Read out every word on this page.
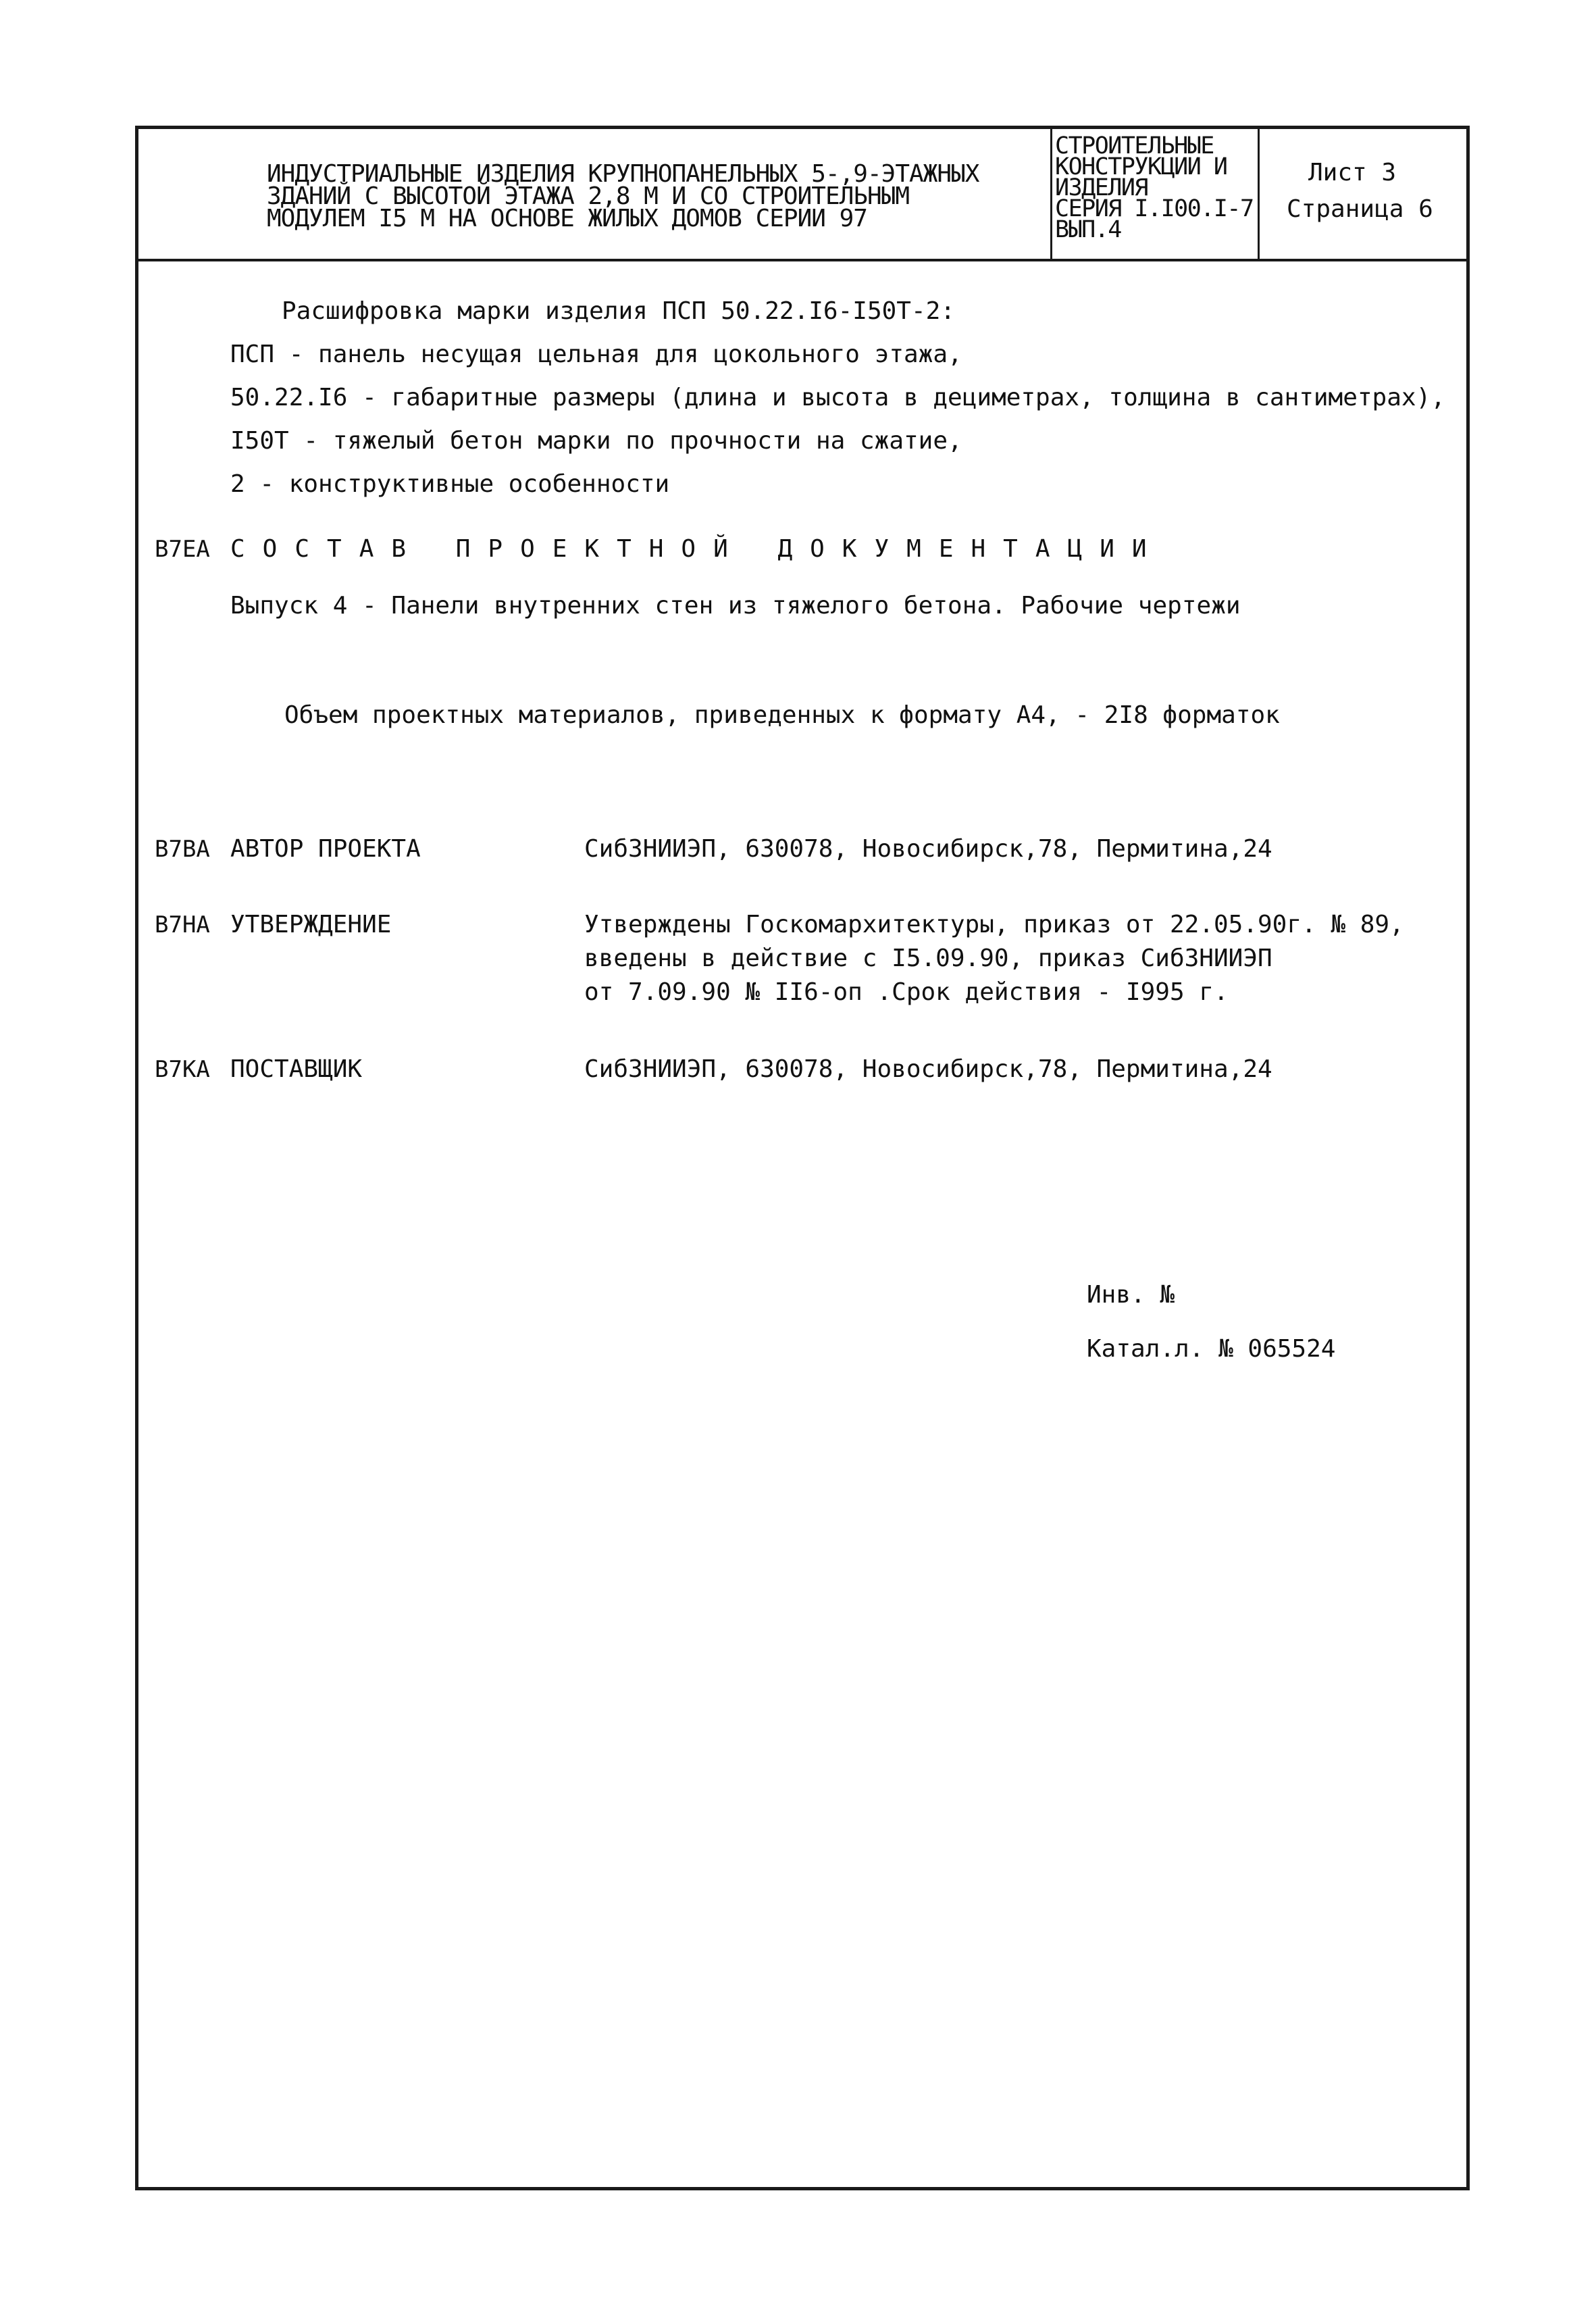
ИНДУСТРИАЛЬНЫЕ ИЗДЕЛИЯ КРУПНОПАНЕЛЬНЫХ 5-,9-ЭТАЖНЫХ
ЗДАНИЙ С ВЫСОТОЙ ЭТАЖА 2,8 М И СО СТРОИТЕЛЬНЫМ
МОДУЛЕМ I5 М НА ОСНОВЕ ЖИЛЫХ ДОМОВ СЕРИИ 97
СТРОИТЕЛЬНЫЕ
КОНСТРУКЦИИ И
ИЗДЕЛИЯ
СЕРИЯ I.I00.I-7
ВЫП.4
Лист 3
Страница 6
Расшифровка марки изделия ПСП 50.22.I6-I50Т-2:
ПСП - панель несущая цельная для цокольного этажа,
50.22.I6 - габаритные размеры (длина и высота в дециметрах, толщина в сантиметрах),
I50Т - тяжелый бетон марки по прочности на сжатие,
2 - конструктивные особенности
В7ЕА СОСТАВ ПРОЕКТНОЙ ДОКУМЕНТАЦИИ
Выпуск 4 - Панели внутренних стен из тяжелого бетона. Рабочие чертежи
Объем проектных материалов, приведенных к формату А4, - 2I8 форматок
В7ВА АВТОР ПРОЕКТА	СибЗНИИЭП, 630078, Новосибирск,78, Пермитина,24
В7НА УТВЕРЖДЕНИЕ	Утверждены Госкомархитектуры, приказ от 22.05.90г. № 89,
введены в действие с I5.09.90, приказ СибЗНИИЭП
от 7.09.90 № II6-оп .Срок действия - I995 г.
В7КА ПОСТАВЩИК	СибЗНИИЭП, 630078, Новосибирск,78, Пермитина,24
Инв. №
Катал.л. № 065524
